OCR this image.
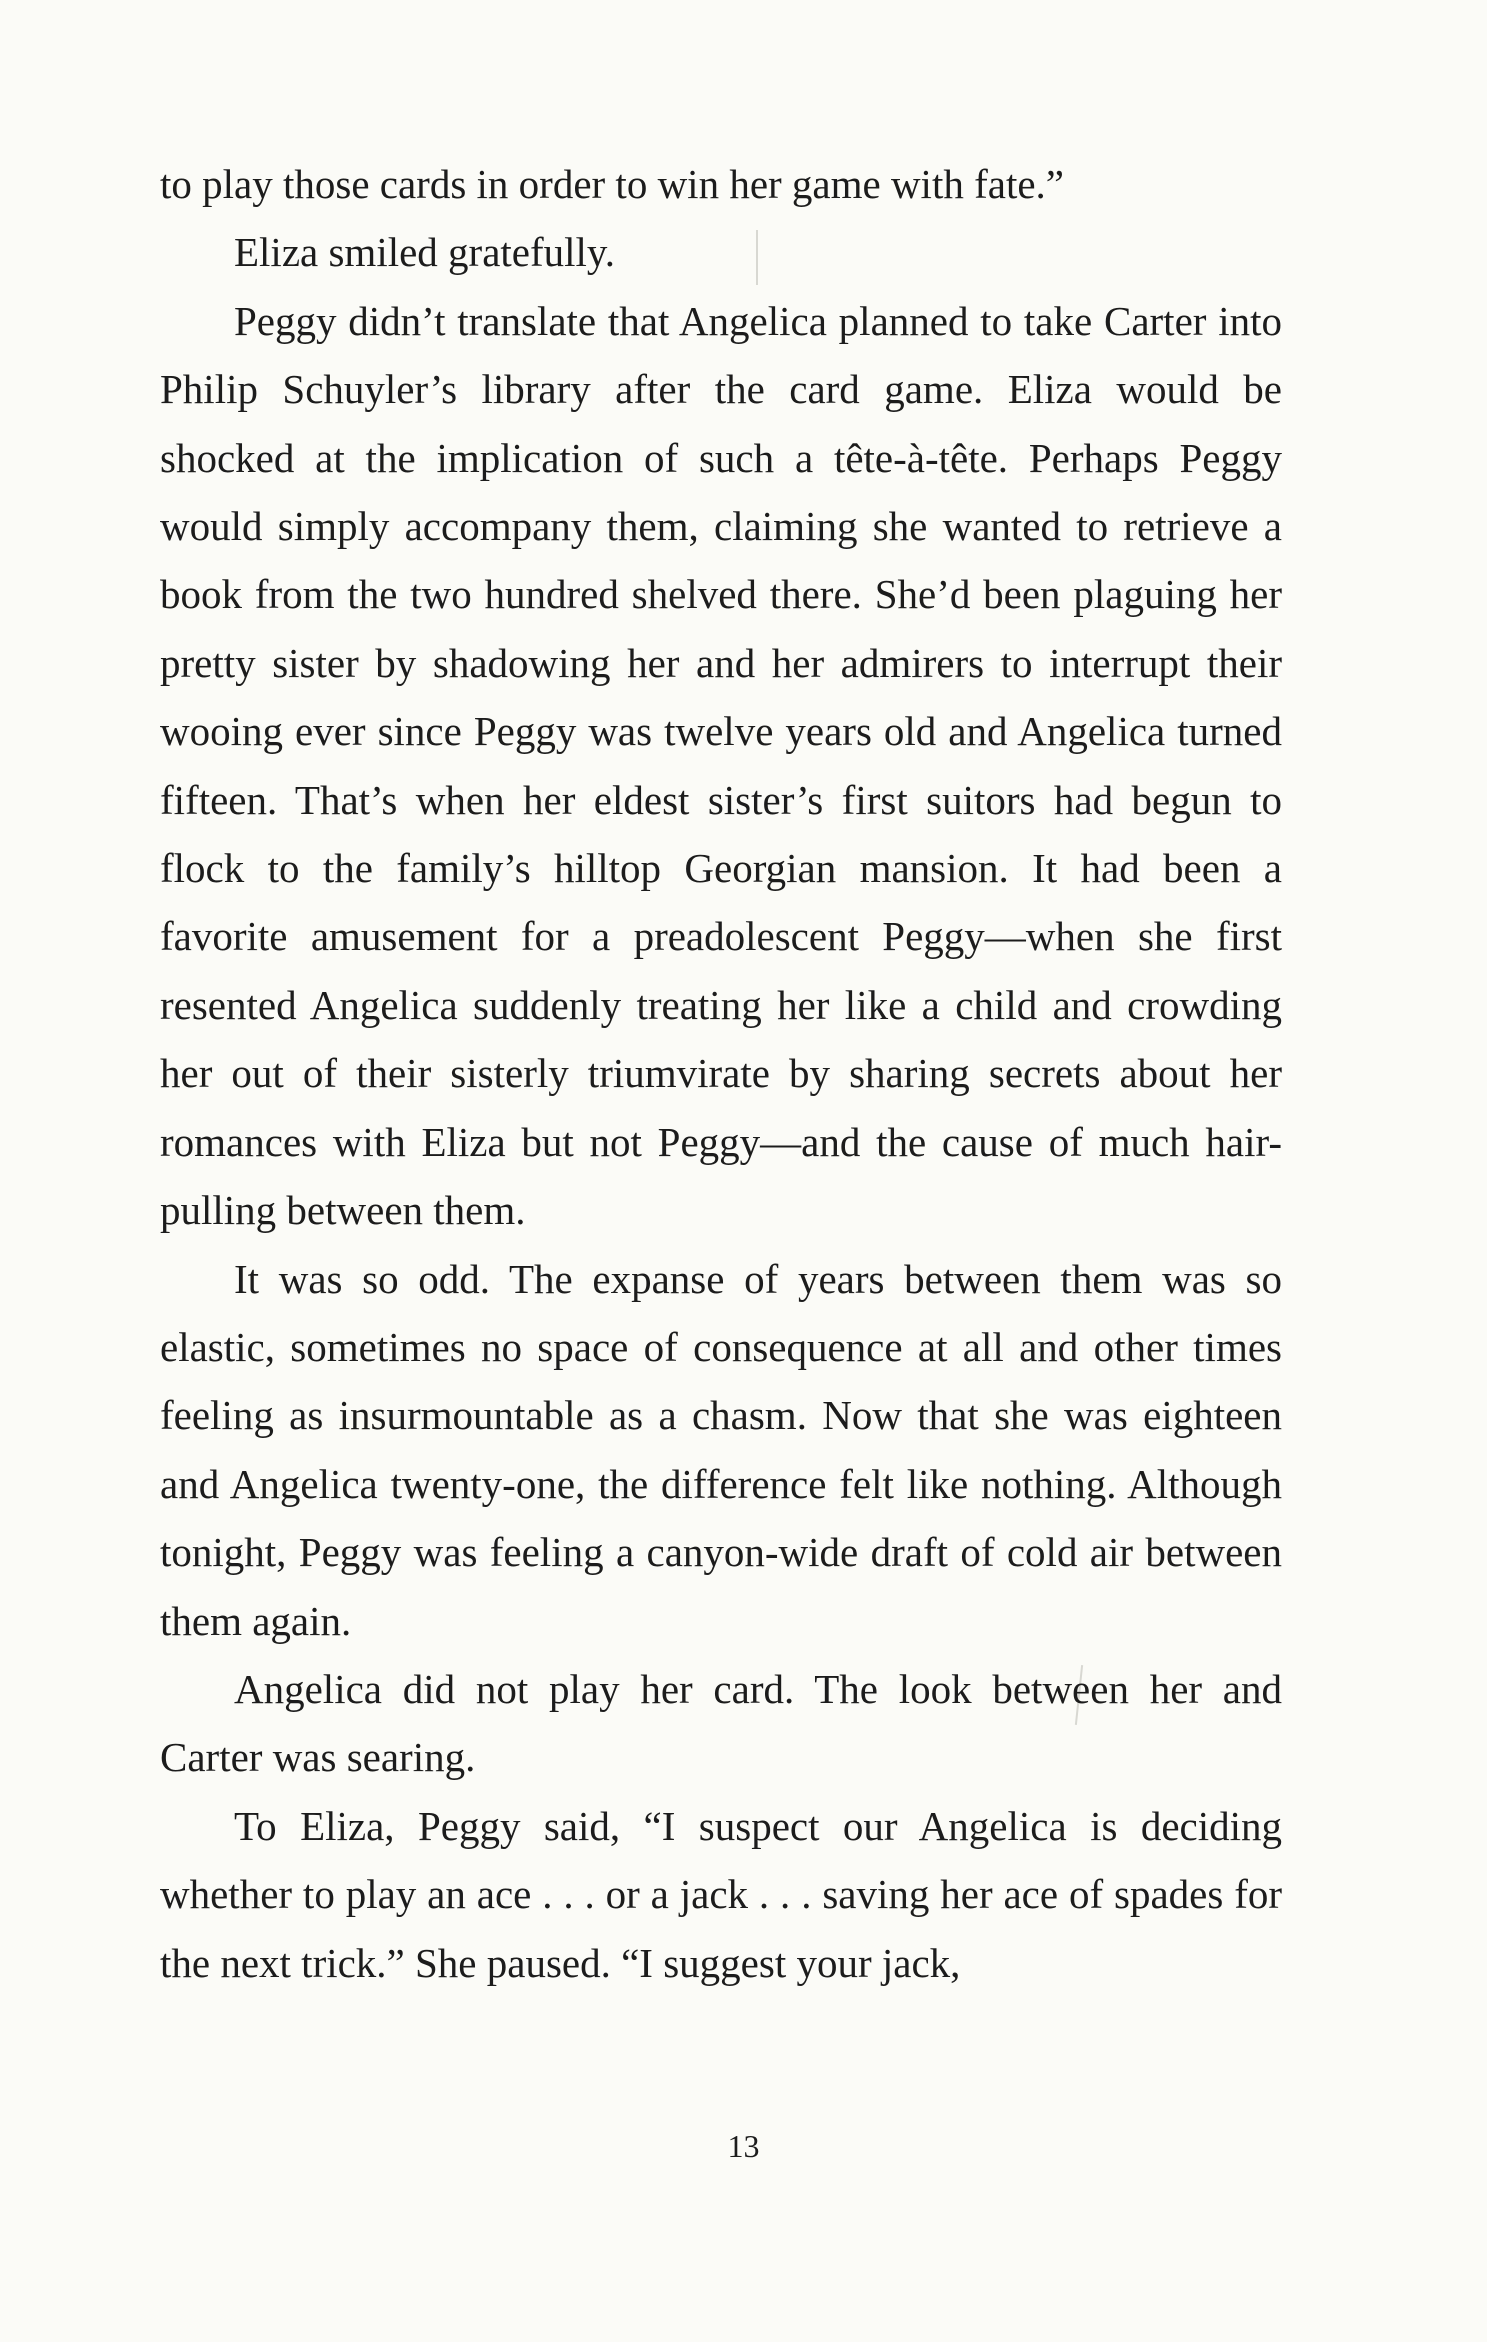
to play those cards in order to win her game with fate.”

Eliza smiled gratefully.

Peggy didn’t translate that Angelica planned to take Carter into Philip Schuyler’s library after the card game. Eliza would be shocked at the implication of such a tête-à-tête. Perhaps Peggy would simply accompany them, claiming she wanted to retrieve a book from the two hundred shelved there. She’d been plaguing her pretty sister by shadowing her and her admirers to interrupt their wooing ever since Peggy was twelve years old and Angelica turned fifteen. That’s when her eldest sister’s first suitors had begun to flock to the family’s hilltop Georgian mansion. It had been a favorite amusement for a preadolescent Peggy—when she first resented Angelica suddenly treating her like a child and crowding her out of their sisterly triumvirate by sharing secrets about her romances with Eliza but not Peggy—and the cause of much hair-pulling between them.

It was so odd. The expanse of years between them was so elastic, sometimes no space of consequence at all and other times feeling as insurmountable as a chasm. Now that she was eighteen and Angelica twenty-one, the difference felt like nothing. Although tonight, Peggy was feeling a canyon-wide draft of cold air between them again.

Angelica did not play her card. The look between her and Carter was searing.

To Eliza, Peggy said, “I suspect our Angelica is deciding whether to play an ace . . . or a jack . . . saving her ace of spades for the next trick.” She paused. “I suggest your jack,

13
